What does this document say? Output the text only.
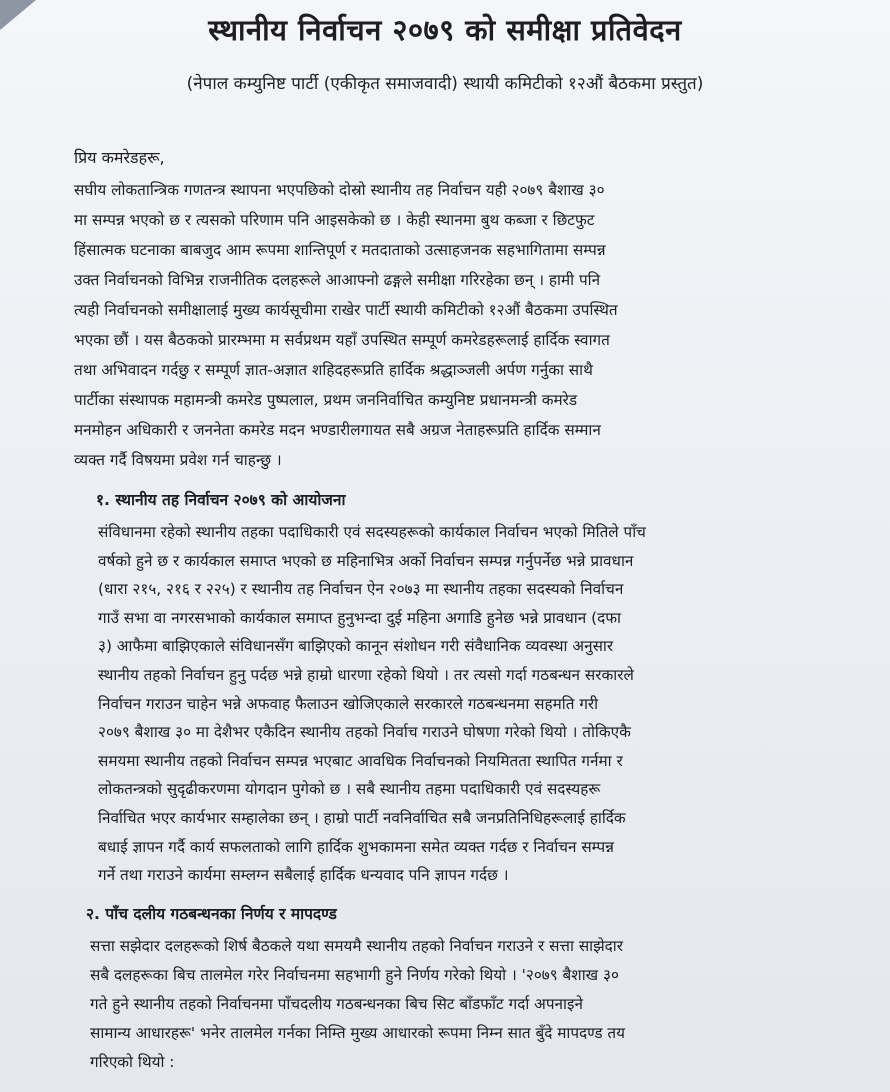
स्थानीय निर्वाचन २०७९ को समीक्षा प्रतिवेदन

(नेपाल कम्युनिष्ट पार्टी (एकीकृत समाजवादी) स्थायी कमिटीको १२औं बैठकमा प्रस्तुत)

प्रिय कमरेडहरू,

सघीय लोकतान्त्रिक गणतन्त्र स्थापना भएपछिको दोस्रो स्थानीय तह निर्वाचन यही २०७९ बैशाख ३०
मा सम्पन्न भएको छ र त्यसको परिणाम पनि आइसकेको छ । केही स्थानमा बुथ कब्जा र छिटफुट
हिंसात्मक घटनाका बाबजुद आम रूपमा शान्तिपूर्ण र मतदाताको उत्साहजनक सहभागितामा सम्पन्न
उक्त निर्वाचनको विभिन्न राजनीतिक दलहरूले आआफ्नो ढङ्गले समीक्षा गरिरहेका छन् । हामी पनि
त्यही निर्वाचनको समीक्षालाई मुख्य कार्यसूचीमा राखेर पार्टी स्थायी कमिटीको १२औं बैठकमा उपस्थित
भएका छौं । यस बैठकको प्रारम्भमा म सर्वप्रथम यहाँ उपस्थित सम्पूर्ण कमरेडहरूलाई हार्दिक स्वागत
तथा अभिवादन गर्दछु र सम्पूर्ण ज्ञात-अज्ञात शहिदहरूप्रति हार्दिक श्रद्धाञ्जली अर्पण गर्नुका साथै
पार्टीका संस्थापक महामन्त्री कमरेड पुष्पलाल, प्रथम जननिर्वाचित कम्युनिष्ट प्रधानमन्त्री कमरेड
मनमोहन अधिकारी र जननेता कमरेड मदन भण्डारीलगायत सबै अग्रज नेताहरूप्रति हार्दिक सम्मान
व्यक्त गर्दै विषयमा प्रवेश गर्न चाहन्छु ।
१. स्थानीय तह निर्वाचन २०७९ को आयोजना
संविधानमा रहेको स्थानीय तहका पदाधिकारी एवं सदस्यहरूको कार्यकाल निर्वाचन भएको मितिले पाँच
वर्षको हुने छ र कार्यकाल समाप्त भएको छ महिनाभित्र अर्को निर्वाचन सम्पन्न गर्नुपर्नेछ भन्ने प्रावधान
(धारा २१५, २१६ र २२५) र स्थानीय तह निर्वाचन ऐन २०७३ मा स्थानीय तहका सदस्यको निर्वाचन
गाउँ सभा वा नगरसभाको कार्यकाल समाप्त हुनुभन्दा दुई महिना अगाडि हुनेछ भन्ने प्रावधान (दफा
३) आफैमा बाझिएकाले संविधानसँग बाझिएको कानून संशोधन गरी संवैधानिक व्यवस्था अनुसार
स्थानीय तहको निर्वाचन हुनु पर्दछ भन्ने हाम्रो धारणा रहेको थियो । तर त्यसो गर्दा गठबन्धन सरकारले
निर्वाचन गराउन चाहेन भन्ने अफवाह फैलाउन खोजिएकाले सरकारले गठबन्धनमा सहमति गरी
२०७९ बैशाख ३० मा देशैभर एकैदिन स्थानीय तहको निर्वाच गराउने घोषणा गरेको थियो । तोकिएकै
समयमा स्थानीय तहको निर्वाचन सम्पन्न भएबाट आवधिक निर्वाचनको नियमितता स्थापित गर्नमा र
लोकतन्त्रको सुदृढीकरणमा योगदान पुगेको छ । सबै स्थानीय तहमा पदाधिकारी एवं सदस्यहरू
निर्वाचित भएर कार्यभार सम्हालेका छन् । हाम्रो पार्टी नवनिर्वाचित सबै जनप्रतिनिधिहरूलाई हार्दिक
बधाई ज्ञापन गर्दै कार्य सफलताको लागि हार्दिक शुभकामना समेत व्यक्त गर्दछ र निर्वाचन सम्पन्न
गर्ने तथा गराउने कार्यमा सम्लग्न सबैलाई हार्दिक धन्यवाद पनि ज्ञापन गर्दछ ।
२. पाँच दलीय गठबन्धनका निर्णय र मापदण्ड
सत्ता सझेदार दलहरूको शिर्ष बैठकले यथा समयमै स्थानीय तहको निर्वाचन गराउने र सत्ता साझेदार
सबै दलहरूका बिच तालमेल गरेर निर्वाचनमा सहभागी हुने निर्णय गरेको थियो । '२०७९ बैशाख ३०
गते हुने स्थानीय तहको निर्वाचनमा पाँचदलीय गठबन्धनका बिच सिट बाँडफाँट गर्दा अपनाइने
सामान्य आधारहरू' भनेर तालमेल गर्नका निम्ति मुख्य आधारको रूपमा निम्न सात बुँदे मापदण्ड तय
गरिएको थियो :
